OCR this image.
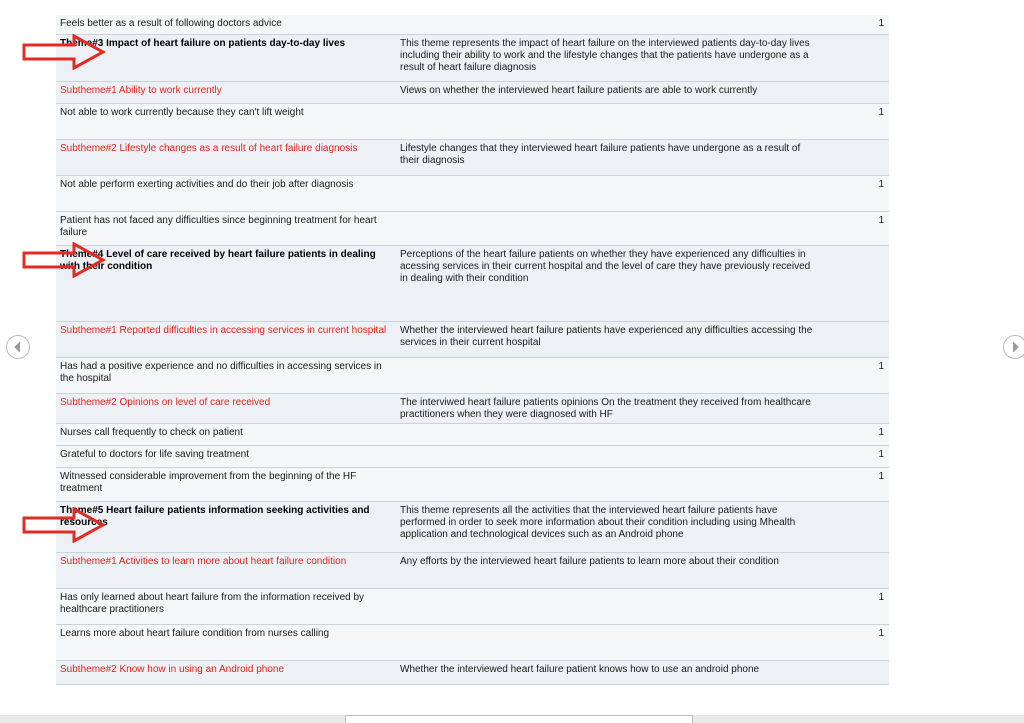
Feels better as a result of following doctors advice		1
Theme#3 Impact of heart failure on patients day-to-day lives	This theme represents the impact of heart failure on the interviewed patients day-to-day lives including their ability to work and the lifestyle changes that the patients have undergone as a result of heart failure diagnosis	
Subtheme#1 Ability to work currently	Views on whether the interviewed heart failure patients are able to work currently	
Not able to work currently because they can't lift weight		1
Subtheme#2 Lifestyle changes as a result of heart failure diagnosis	Lifestyle changes that they interviewed heart failure patients have undergone as a result of their diagnosis	
Not able perform exerting activities and do their job after diagnosis		1
Patient has not faced any difficulties since beginning treatment for heart failure		1
Theme#4 Level of care received by heart failure patients in dealing with their condition	Perceptions of the heart failure patients on whether they have experienced any difficulties in acessing services in their current hospital and the level of care they have previously received in dealing with their condition	
Subtheme#1 Reported difficulties in accessing services in current hospital	Whether the interviewed heart failure patients have experienced any difficulties accessing the services in their current hospital	
Has had a positive experience and no difficulties in accessing services in the hospital		1
Subtheme#2 Opinions on level of care received	The interviwed heart failure patients opinions On the treatment they received from healthcare practitioners when they were diagnosed with HF	
Nurses call frequently to check on patient		1
Grateful to doctors for life saving treatment		1
Witnessed considerable improvement from the beginning of the HF treatment		1
Theme#5 Heart failure patients information seeking activities and resources	This theme represents all the activities that the interviewed heart failure patients have performed in order to seek more information about their condition including using Mhealth application and technological devices such as an Android phone	
Subtheme#1 Activities to learn more about heart failure condition	Any efforts by the interviewed heart failure patients to learn more about their condition	
Has only learned about heart failure from the information received by healthcare practitioners		1
Learns more about heart failure condition from nurses calling		1
Subtheme#2 Know how in using an Android phone	Whether the interviewed heart failure patient knows how to use an android phone	
